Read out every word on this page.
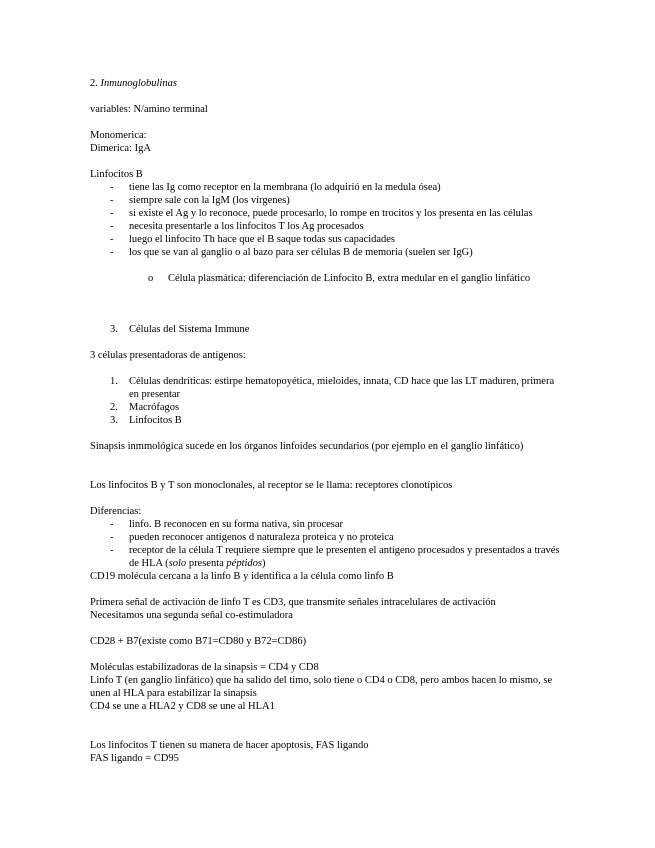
2. Inmunoglobulinas
variables: N/amino terminal
Monomerica:
Dimerica: IgA
Linfocitos B
- tiene las Ig como receptor en la membrana (lo adquirió en la medula ósea)
- siempre sale con la IgM (los vírgenes)
- si existe el Ag y lo reconoce, puede procesarlo, lo rompe en trocitos y los presenta en las células
- necesita presentarle a los linfocitos T los Ag procesados
- luego el linfocito Th hace que el B saque todas sus capacidades
- los que se van al ganglio o al bazo para ser células B de memoria (suelen ser IgG)
o Célula plasmática: diferenciación de Linfocito B, extra medular en el ganglio linfático
3. Células del Sistema Immune
3 células presentadoras de antígenos:
1. Células dendríticas: estirpe hematopoyética, mieloides, innata, CD hace que las LT maduren, primera en presentar
2. Macrófagos
3. Linfocitos B
Sinapsis inmmológica sucede en los órganos linfoides secundarios (por ejemplo en el ganglio linfático)
Los linfocitos B y T son monoclonales, al receptor se le llama: receptores clonotípicos
Diferencias:
- linfo. B reconocen en su forma nativa, sin procesar
- pueden reconocer antígenos d naturaleza proteica y no proteica
- receptor de la célula T requiere siempre que le presenten el antígeno procesados y presentados a través de HLA (solo presenta péptidos)
CD19 molécula cercana a la linfo B y identifica a la célula como linfo B
Primera señal de activación de linfo T es CD3, que transmite señales intracelulares de activación
Necesitamos una segunda señal co-estimuladora
CD28 + B7(existe como B71=CD80 y B72=CD86)
Moléculas estabilizadoras de la sinapsis = CD4 y CD8
Linfo T (en ganglio linfático) que ha salido del timo, solo tiene o CD4 o CD8, pero ambos hacen lo mismo, se unen al HLA para estabilizar la sinapsis
CD4 se une a HLA2 y CD8 se une al HLA1
Los linfocitos T tienen su manera de hacer apoptosis, FAS ligando
FAS ligando = CD95
